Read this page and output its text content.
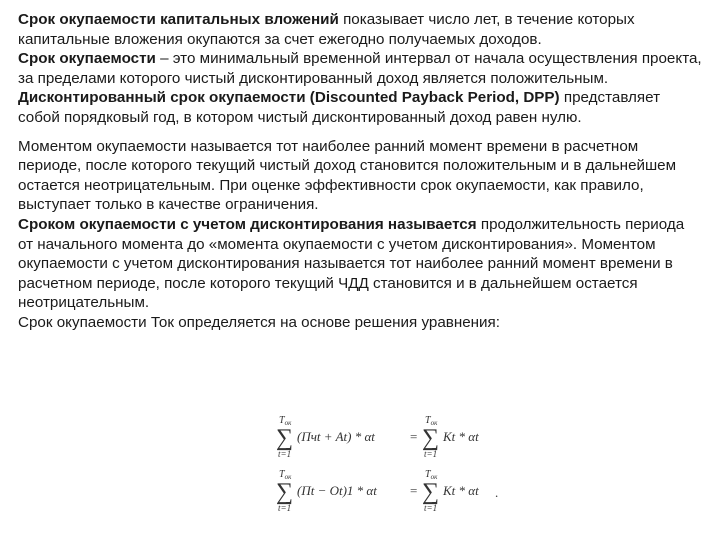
Срок окупаемости капитальных вложений показывает число лет, в течение которых капитальные вложения окупаются за счет ежегодно получаемых доходов.

Срок окупаемости – это минимальный временной интервал от начала осуществления проекта, за пределами которого чистый дисконтированный доход является положительным.

Дисконтированный срок окупаемости (Discounted Payback Period, DPP) представляет собой порядковый год, в котором чистый дисконтированный доход равен нулю.

Моментом окупаемости называется тот наиболее ранний момент времени в расчетном периоде, после которого текущий чистый доход становится положительным и в дальнейшем остается неотрицательным. При оценке эффективности срок окупаемости, как правило, выступает только в качестве ограничения.

Сроком окупаемости с учетом дисконтирования называется продолжительность периода от начального момента до «момента окупаемости с учетом дисконтирования». Моментом окупаемости с учетом дисконтирования называется тот наиболее ранний момент времени в расчетном периоде, после которого текущий ЧДД становится и в дальнейшем остается неотрицательным.

Срок окупаемости Ток определяется на основе решения уравнения:

$T_{ок}$
∑
t=1
(Пчt + At) * αt	=
$T_{ок}$
∑
t=1
Kt * αt
$T_{ок}$
∑
t=1
(Пt − Ot)1 * αt	=
$T_{ок}$
∑
t=1
Kt * αt .
